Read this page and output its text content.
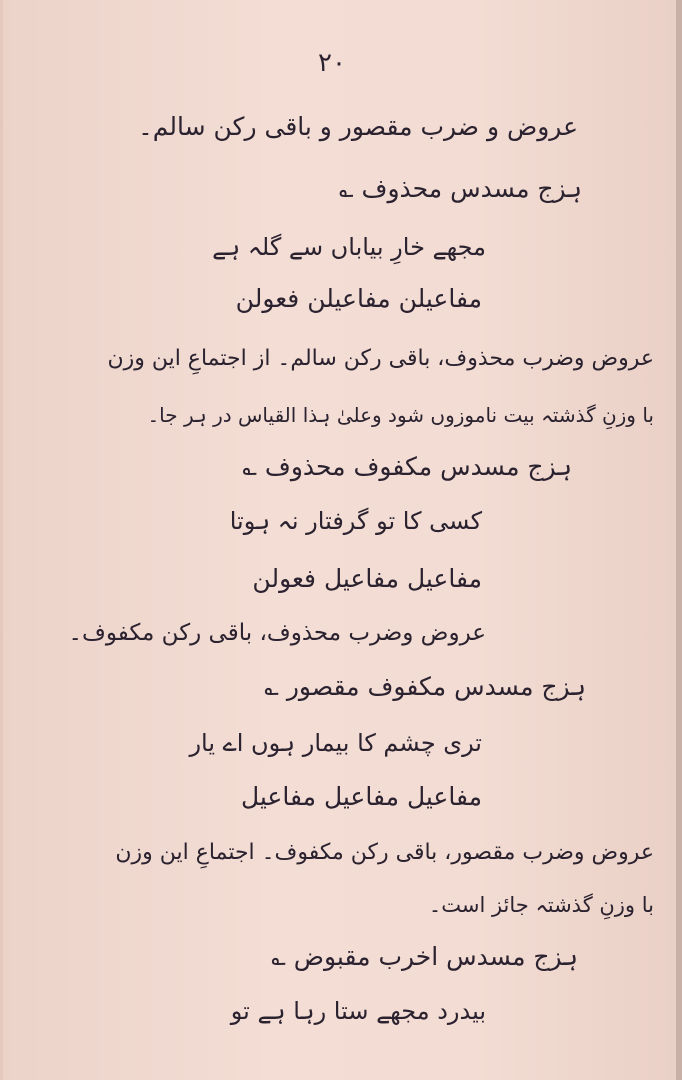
۲۰
عروض و ضرب مقصور و باقی رکن سالم۔
ہزج مسدس محذوف ؎
مجھے خارِ بیاباں سے گلہ ہے
مفاعیلن مفاعیلن فعولن
عروض وضرب محذوف، باقی رکن سالم۔ از اجتماعِ این وزن
با وزنِ گذشتہ بیت ناموزوں شود وعلیٰ ہذا القیاس در ہر جا۔
ہزج مسدس مکفوف محذوف ؎
کسی کا تو گرفتار نہ ہوتا
مفاعیل مفاعیل فعولن
عروض وضرب محذوف، باقی رکن مکفوف۔
ہزج مسدس مکفوف مقصور ؎
تری چشم کا بیمار ہوں اے یار
مفاعیل مفاعیل مفاعیل
عروض وضرب مقصور، باقی رکن مکفوف۔ اجتماعِ این وزن
با وزنِ گذشتہ جائز است۔
ہزج مسدس اخرب مقبوض ؎
بیدرد مجھے ستا رہا ہے تو
